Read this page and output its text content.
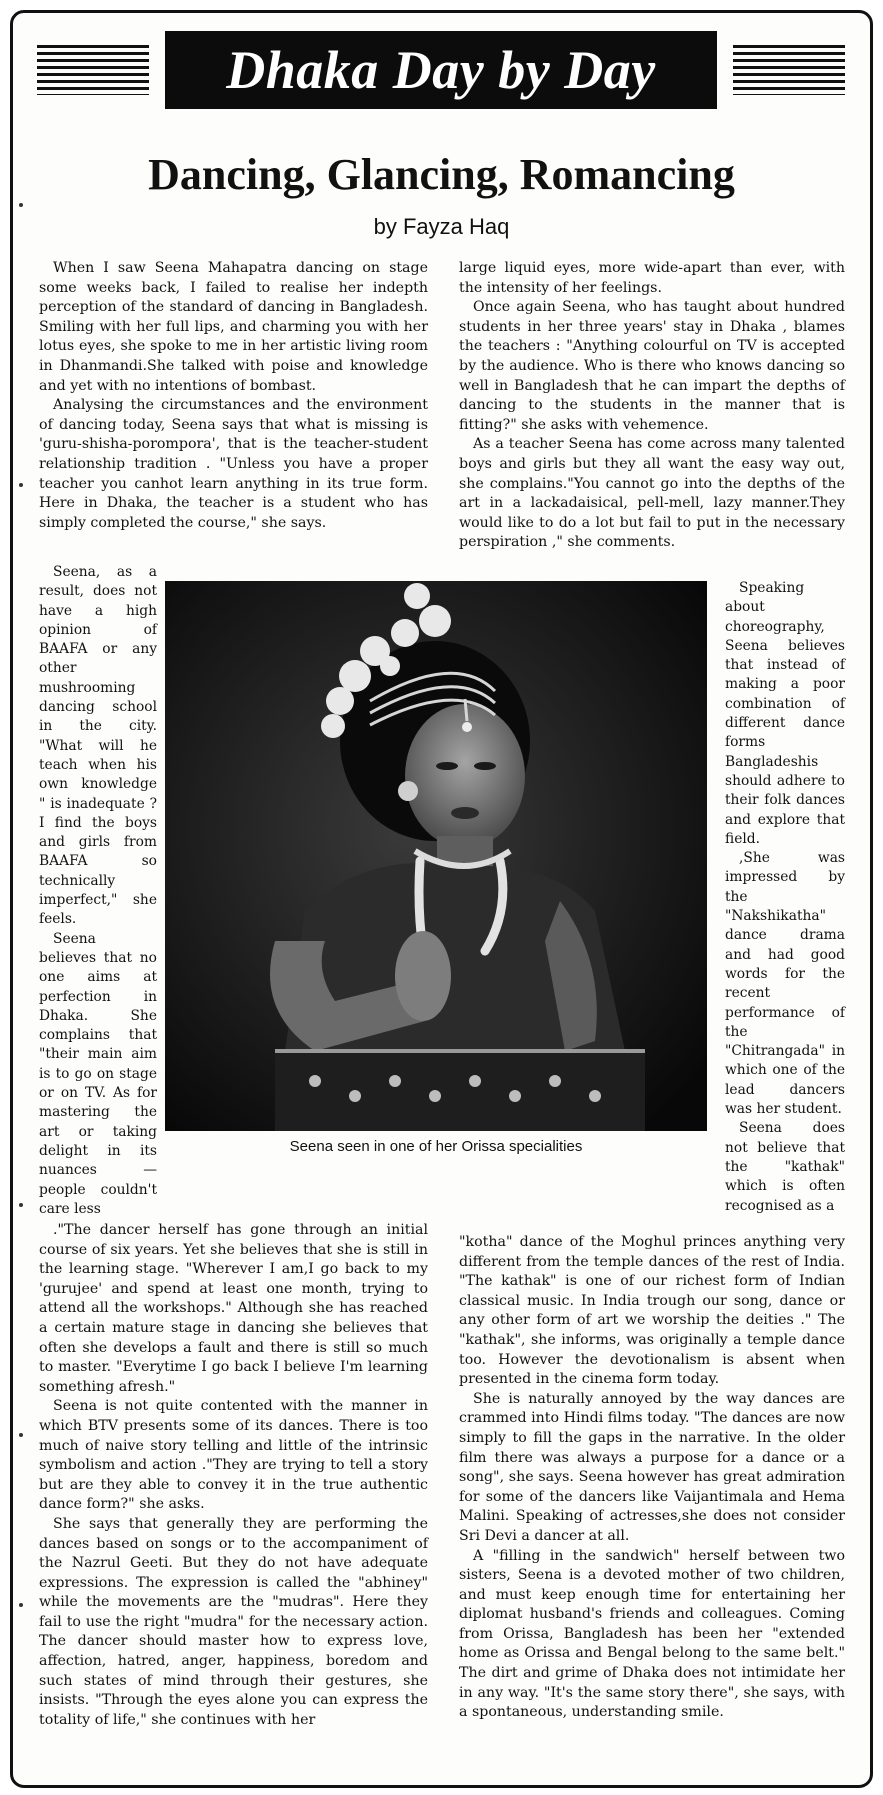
Dhaka Day by Day
Dancing, Glancing, Romancing
by Fayza Haq

When I saw Seena Mahapatra dancing on stage some weeks back, I failed to realise her indepth perception of the standard of dancing in Bangladesh. Smiling with her full lips, and charming you with her lotus eyes, she spoke to me in her artistic living room in Dhanmandi.She talked with poise and knowledge and yet with no intentions of bombast.

Analysing the circumstances and the environment of dancing today, Seena says that what is missing is 'guru-shisha-porompora', that is the teacher-student relationship tradition . "Unless you have a proper teacher you canhot learn anything in its true form. Here in Dhaka, the teacher is a student who has simply completed the course," she says.

large liquid eyes, more wide-apart than ever, with the intensity of her feelings.

Once again Seena, who has taught about hundred students in her three years' stay in Dhaka , blames the teachers : "Anything colourful on TV is accepted by the audience. Who is there who knows dancing so well in Bangladesh that he can impart the depths of dancing to the students in the manner that is fitting?" she asks with vehemence.

As a teacher Seena has come across many talented boys and girls but they all want the easy way out, she complains."You cannot go into the depths of the art in a lackadaisical, pell-mell, lazy manner.They would like to do a lot but fail to put in the necessary perspiration ," she comments.

Seena, as a result, does not have a high opinion of BAAFA or any other mushrooming dancing school in the city. "What will he teach when his own knowledge " is inadequate ? I find the boys and girls from BAAFA so technically imperfect," she feels.

Seena believes that no one aims at perfection in Dhaka. She complains that "their main aim is to go on stage or on TV. As for mastering the art or taking delight in its nuances — people couldn't care less

Seena seen in one of her Orissa specialities

Speaking about choreography, Seena believes that instead of making a poor combination of different dance forms Bangladeshis should adhere to their folk dances and explore that field.

,She was impressed by the "Nakshikatha" dance drama and had good words for the recent performance of the "Chitrangada" in which one of the lead dancers was her student.

Seena does not believe that the "kathak" which is often recognised as a

."The dancer herself has gone through an initial course of six years. Yet she believes that she is still in the learning stage. "Wherever I am,I go back to my 'gurujee' and spend at least one month, trying to attend all the workshops." Although she has reached a certain mature stage in dancing she believes that often she develops a fault and there is still so much to master. "Everytime I go back I believe I'm learning something afresh."

Seena is not quite contented with the manner in which BTV presents some of its dances. There is too much of naive story telling and little of the intrinsic symbolism and action ."They are trying to tell a story but are they able to convey it in the true authentic dance form?" she asks.

She says that generally they are performing the dances based on songs or to the accompaniment of the Nazrul Geeti. But they do not have adequate expressions. The expression is called the "abhiney" while the movements are the "mudras". Here they fail to use the right "mudra" for the necessary action. The dancer should master how to express love, affection, hatred, anger, happiness, boredom and such states of mind through their gestures, she insists. "Through the eyes alone you can express the totality of life," she continues with her

"kotha" dance of the Moghul princes anything very different from the temple dances of the rest of India. "The kathak" is one of our richest form of Indian classical music. In India trough our song, dance or any other form of art we worship the deities ." The "kathak", she informs, was originally a temple dance too. However the devotionalism is absent when presented in the cinema form today.

She is naturally annoyed by the way dances are crammed into Hindi films today. "The dances are now simply to fill the gaps in the narrative. In the older film there was always a purpose for a dance or a song", she says. Seena however has great admiration for some of the dancers like Vaijantimala and Hema Malini. Speaking of actresses,she does not consider Sri Devi a dancer at all.

A "filling in the sandwich" herself between two sisters, Seena is a devoted mother of two children, and must keep enough time for entertaining her diplomat husband's friends and colleagues. Coming from Orissa, Bangladesh has been her "extended home as Orissa and Bengal belong to the same belt." The dirt and grime of Dhaka does not intimidate her in any way. "It's the same story there", she says, with a spontaneous, understanding smile.
